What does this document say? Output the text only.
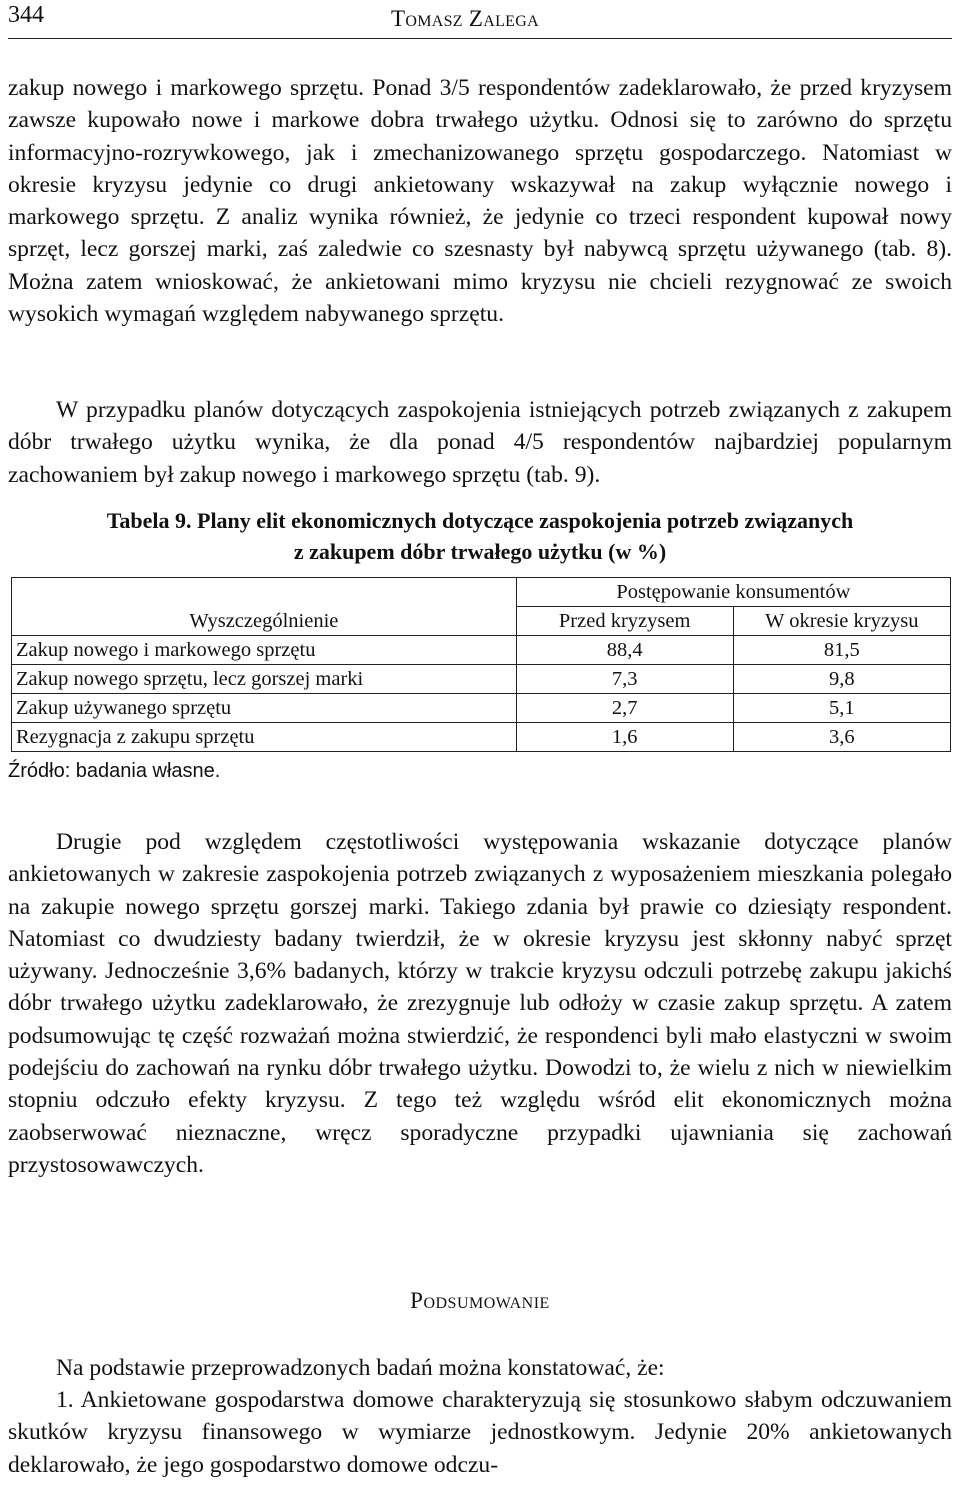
344	Tomasz Zalega

zakup nowego i markowego sprzętu. Ponad 3/5 respondentów zadeklarowało, że przed kryzysem zawsze kupowało nowe i markowe dobra trwałego użytku. Odnosi się to zarówno do sprzętu informacyjno-rozrywkowego, jak i zmechanizowanego sprzętu gospodarczego. Natomiast w okresie kryzysu jedynie co drugi ankietowany wskazywał na zakup wyłącznie nowego i markowego sprzętu. Z analiz wynika również, że jedynie co trzeci respondent kupował nowy sprzęt, lecz gorszej marki, zaś zaledwie co szesnasty był nabywcą sprzętu używanego (tab. 8). Można zatem wnioskować, że ankietowani mimo kryzysu nie chcieli rezygnować ze swoich wysokich wymagań względem nabywanego sprzętu.

W przypadku planów dotyczących zaspokojenia istniejących potrzeb związanych z zakupem dóbr trwałego użytku wynika, że dla ponad 4/5 respondentów najbardziej popularnym zachowaniem był zakup nowego i markowego sprzętu (tab. 9).

Tabela 9. Plany elit ekonomicznych dotyczące zaspokojenia potrzeb związanych

z zakupem dóbr trwałego użytku (w %)

Wyszczególnienie	Postępowanie konsumentów	
	Przed kryzysem	W okresie kryzysu
Zakup nowego i markowego sprzętu	88,4	81,5
Zakup nowego sprzętu, lecz gorszej marki	7,3	9,8
Zakup używanego sprzętu	2,7	5,1
Rezygnacja z zakupu sprzętu	1,6	3,6

Źródło: badania własne.

Drugie pod względem częstotliwości występowania wskazanie dotyczące planów ankietowanych w zakresie zaspokojenia potrzeb związanych z wyposażeniem mieszkania polegało na zakupie nowego sprzętu gorszej marki. Takiego zdania był prawie co dziesiąty respondent. Natomiast co dwudziesty badany twierdził, że w okresie kryzysu jest skłonny nabyć sprzęt używany. Jednocześnie 3,6% badanych, którzy w trakcie kryzysu odczuli potrzebę zakupu jakichś dóbr trwałego użytku zadeklarowało, że zrezygnuje lub odłoży w czasie zakup sprzętu. A zatem podsumowując tę część rozważań można stwierdzić, że respondenci byli mało elastyczni w swoim podejściu do zachowań na rynku dóbr trwałego użytku. Dowodzi to, że wielu z nich w niewielkim stopniu odczuło efekty kryzysu. Z tego też względu wśród elit ekonomicznych można zaobserwować nieznaczne, wręcz sporadyczne przypadki ujawniania się zachowań przystosowawczych.

Podsumowanie

Na podstawie przeprowadzonych badań można konstatować, że:

1. Ankietowane gospodarstwa domowe charakteryzują się stosunkowo słabym odczuwaniem skutków kryzysu finansowego w wymiarze jednostkowym. Jedynie 20% ankietowanych deklarowało, że jego gospodarstwo domowe odczu-
